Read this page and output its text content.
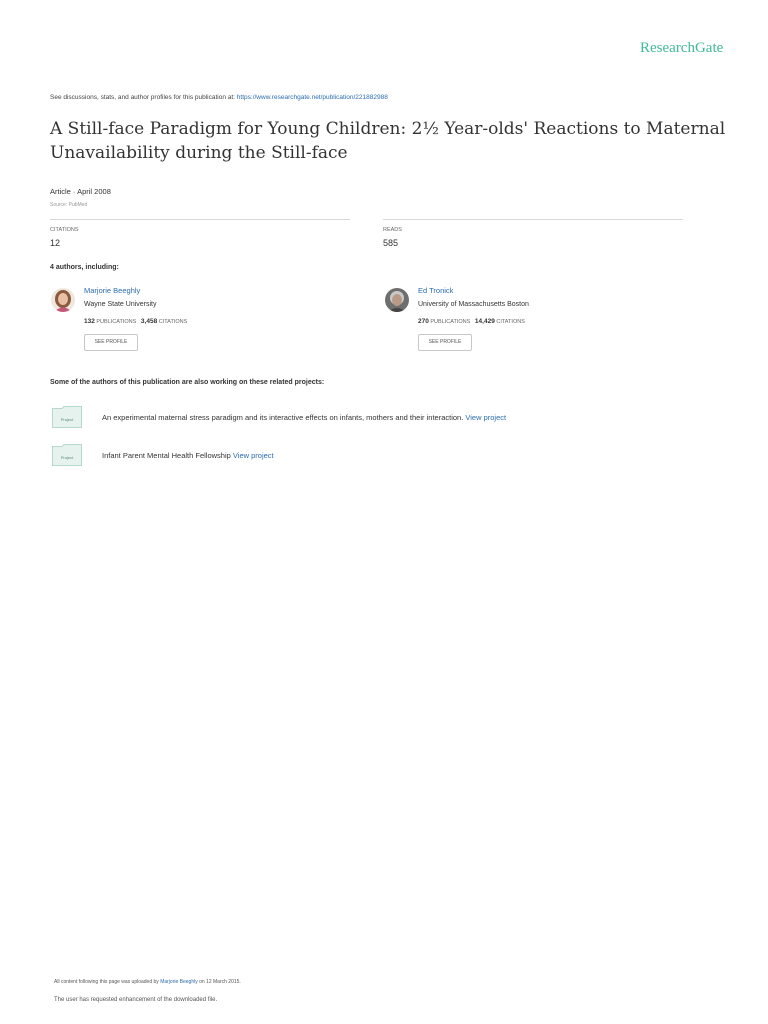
ResearchGate
See discussions, stats, and author profiles for this publication at: https://www.researchgate.net/publication/221882988
A Still-face Paradigm for Young Children: 2½ Year-olds' Reactions to Maternal Unavailability during the Still-face
Article · April 2008
Source: PubMed
CITATIONS
12
READS
585
4 authors, including:
Marjorie Beeghly
Wayne State University
132 PUBLICATIONS 3,458 CITATIONS
SEE PROFILE
Ed Tronick
University of Massachusetts Boston
270 PUBLICATIONS 14,429 CITATIONS
SEE PROFILE
Some of the authors of this publication are also working on these related projects:
Project	An experimental maternal stress paradigm and its interactive effects on infants, mothers and their interaction. View project
Project	Infant Parent Mental Health Fellowship View project
All content following this page was uploaded by Marjorie Beeghly on 12 March 2015.
The user has requested enhancement of the downloaded file.
